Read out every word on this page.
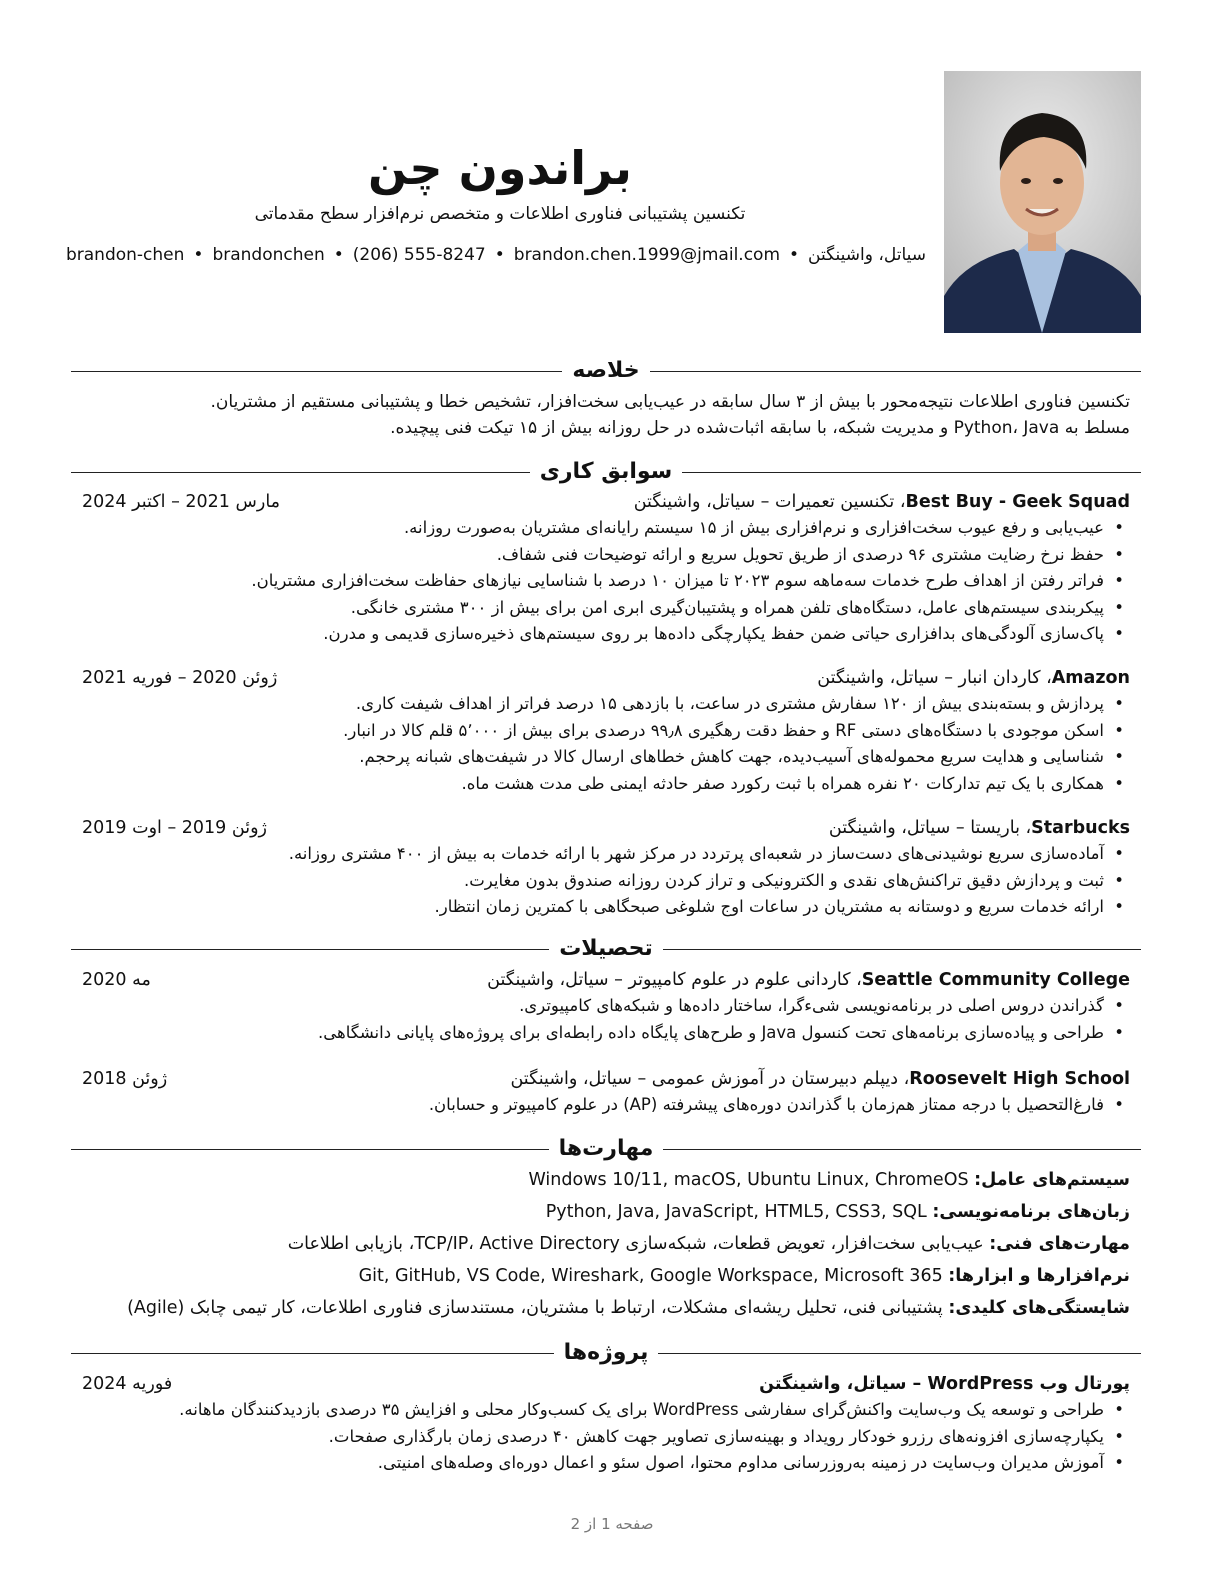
براندون چن
تکنسین پشتیبانی فناوری اطلاعات و متخصص نرم‌افزار سطح مقدماتی
سیاتل، واشینگتن•brandon.chen.1999@jmail.com•(206) 555-8247•brandonchen•brandon-chen
خلاصه
تکنسین فناوری اطلاعات نتیجه‌محور با بیش از ۳ سال سابقه در عیب‌یابی سخت‌افزار، تشخیص خطا و پشتیبانی مستقیم از مشتریان.
مسلط به Python، Java و مدیریت شبکه، با سابقه اثبات‌شده در حل روزانه بیش از ۱۵ تیکت فنی پیچیده.
سوابق کاری
Best Buy - Geek Squad، تکنسین تعمیرات – سیاتل، واشینگتن
مارس 2021 – اکتبر 2024
• عیب‌یابی و رفع عیوب سخت‌افزاری و نرم‌افزاری بیش از ۱۵ سیستم رایانه‌ای مشتریان به‌صورت روزانه.
• حفظ نرخ رضایت مشتری ۹۶ درصدی از طریق تحویل سریع و ارائه توضیحات فنی شفاف.
• فراتر رفتن از اهداف طرح خدمات سه‌ماهه سوم ۲۰۲۳ تا میزان ۱۰ درصد با شناسایی نیازهای حفاظت سخت‌افزاری مشتریان.
• پیکربندی سیستم‌های عامل، دستگاه‌های تلفن همراه و پشتیبان‌گیری ابری امن برای بیش از ۳۰۰ مشتری خانگی.
• پاک‌سازی آلودگی‌های بدافزاری حیاتی ضمن حفظ یکپارچگی داده‌ها بر روی سیستم‌های ذخیره‌سازی قدیمی و مدرن.
Amazon، کاردان انبار – سیاتل، واشینگتن
ژوئن 2020 – فوریه 2021
• پردازش و بسته‌بندی بیش از ۱۲۰ سفارش مشتری در ساعت، با بازدهی ۱۵ درصد فراتر از اهداف شیفت کاری.
• اسکن موجودی با دستگاه‌های دستی RF و حفظ دقت رهگیری ۹۹٫۸ درصدی برای بیش از ۵٬۰۰۰ قلم کالا در انبار.
• شناسایی و هدایت سریع محموله‌های آسیب‌دیده، جهت کاهش خطاهای ارسال کالا در شیفت‌های شبانه پرحجم.
• همکاری با یک تیم تدارکات ۲۰ نفره همراه با ثبت رکورد صفر حادثه ایمنی طی مدت هشت ماه.
Starbucks، باریستا – سیاتل، واشینگتن
ژوئن 2019 – اوت 2019
• آماده‌سازی سریع نوشیدنی‌های دست‌ساز در شعبه‌ای پرتردد در مرکز شهر با ارائه خدمات به بیش از ۴۰۰ مشتری روزانه.
• ثبت و پردازش دقیق تراکنش‌های نقدی و الکترونیکی و تراز کردن روزانه صندوق بدون مغایرت.
• ارائه خدمات سریع و دوستانه به مشتریان در ساعات اوج شلوغی صبحگاهی با کمترین زمان انتظار.
تحصیلات
Seattle Community College، کاردانی علوم در علوم کامپیوتر – سیاتل، واشینگتن
مه 2020
• گذراندن دروس اصلی در برنامه‌نویسی شیءگرا، ساختار داده‌ها و شبکه‌های کامپیوتری.
• طراحی و پیاده‌سازی برنامه‌های تحت کنسول Java و طرح‌های پایگاه داده رابطه‌ای برای پروژه‌های پایانی دانشگاهی.
Roosevelt High School، دیپلم دبیرستان در آموزش عمومی – سیاتل، واشینگتن
ژوئن 2018
• فارغ‌التحصیل با درجه ممتاز هم‌زمان با گذراندن دوره‌های پیشرفته (AP) در علوم کامپیوتر و حسابان.
مهارت‌ها
سیستم‌های عامل: Windows 10/11, macOS, Ubuntu Linux, ChromeOS
زبان‌های برنامه‌نویسی: Python, Java, JavaScript, HTML5, CSS3, SQL
مهارت‌های فنی: عیب‌یابی سخت‌افزار، تعویض قطعات، شبکه‌سازی TCP/IP، Active Directory، بازیابی اطلاعات
نرم‌افزارها و ابزارها: Git, GitHub, VS Code, Wireshark, Google Workspace, Microsoft 365
شایستگی‌های کلیدی: پشتیبانی فنی، تحلیل ریشه‌ای مشکلات، ارتباط با مشتریان، مستندسازی فناوری اطلاعات، کار تیمی چابک (Agile)
پروژه‌ها
پورتال وب WordPress – سیاتل، واشینگتن
فوریه 2024
• طراحی و توسعه یک وب‌سایت واکنش‌گرای سفارشی WordPress برای یک کسب‌وکار محلی و افزایش ۳۵ درصدی بازدیدکنندگان ماهانه.
• یکپارچه‌سازی افزونه‌های رزرو خودکار رویداد و بهینه‌سازی تصاویر جهت کاهش ۴۰ درصدی زمان بارگذاری صفحات.
• آموزش مدیران وب‌سایت در زمینه به‌روزرسانی مداوم محتوا، اصول سئو و اعمال دوره‌ای وصله‌های امنیتی.
صفحه 1 از 2
